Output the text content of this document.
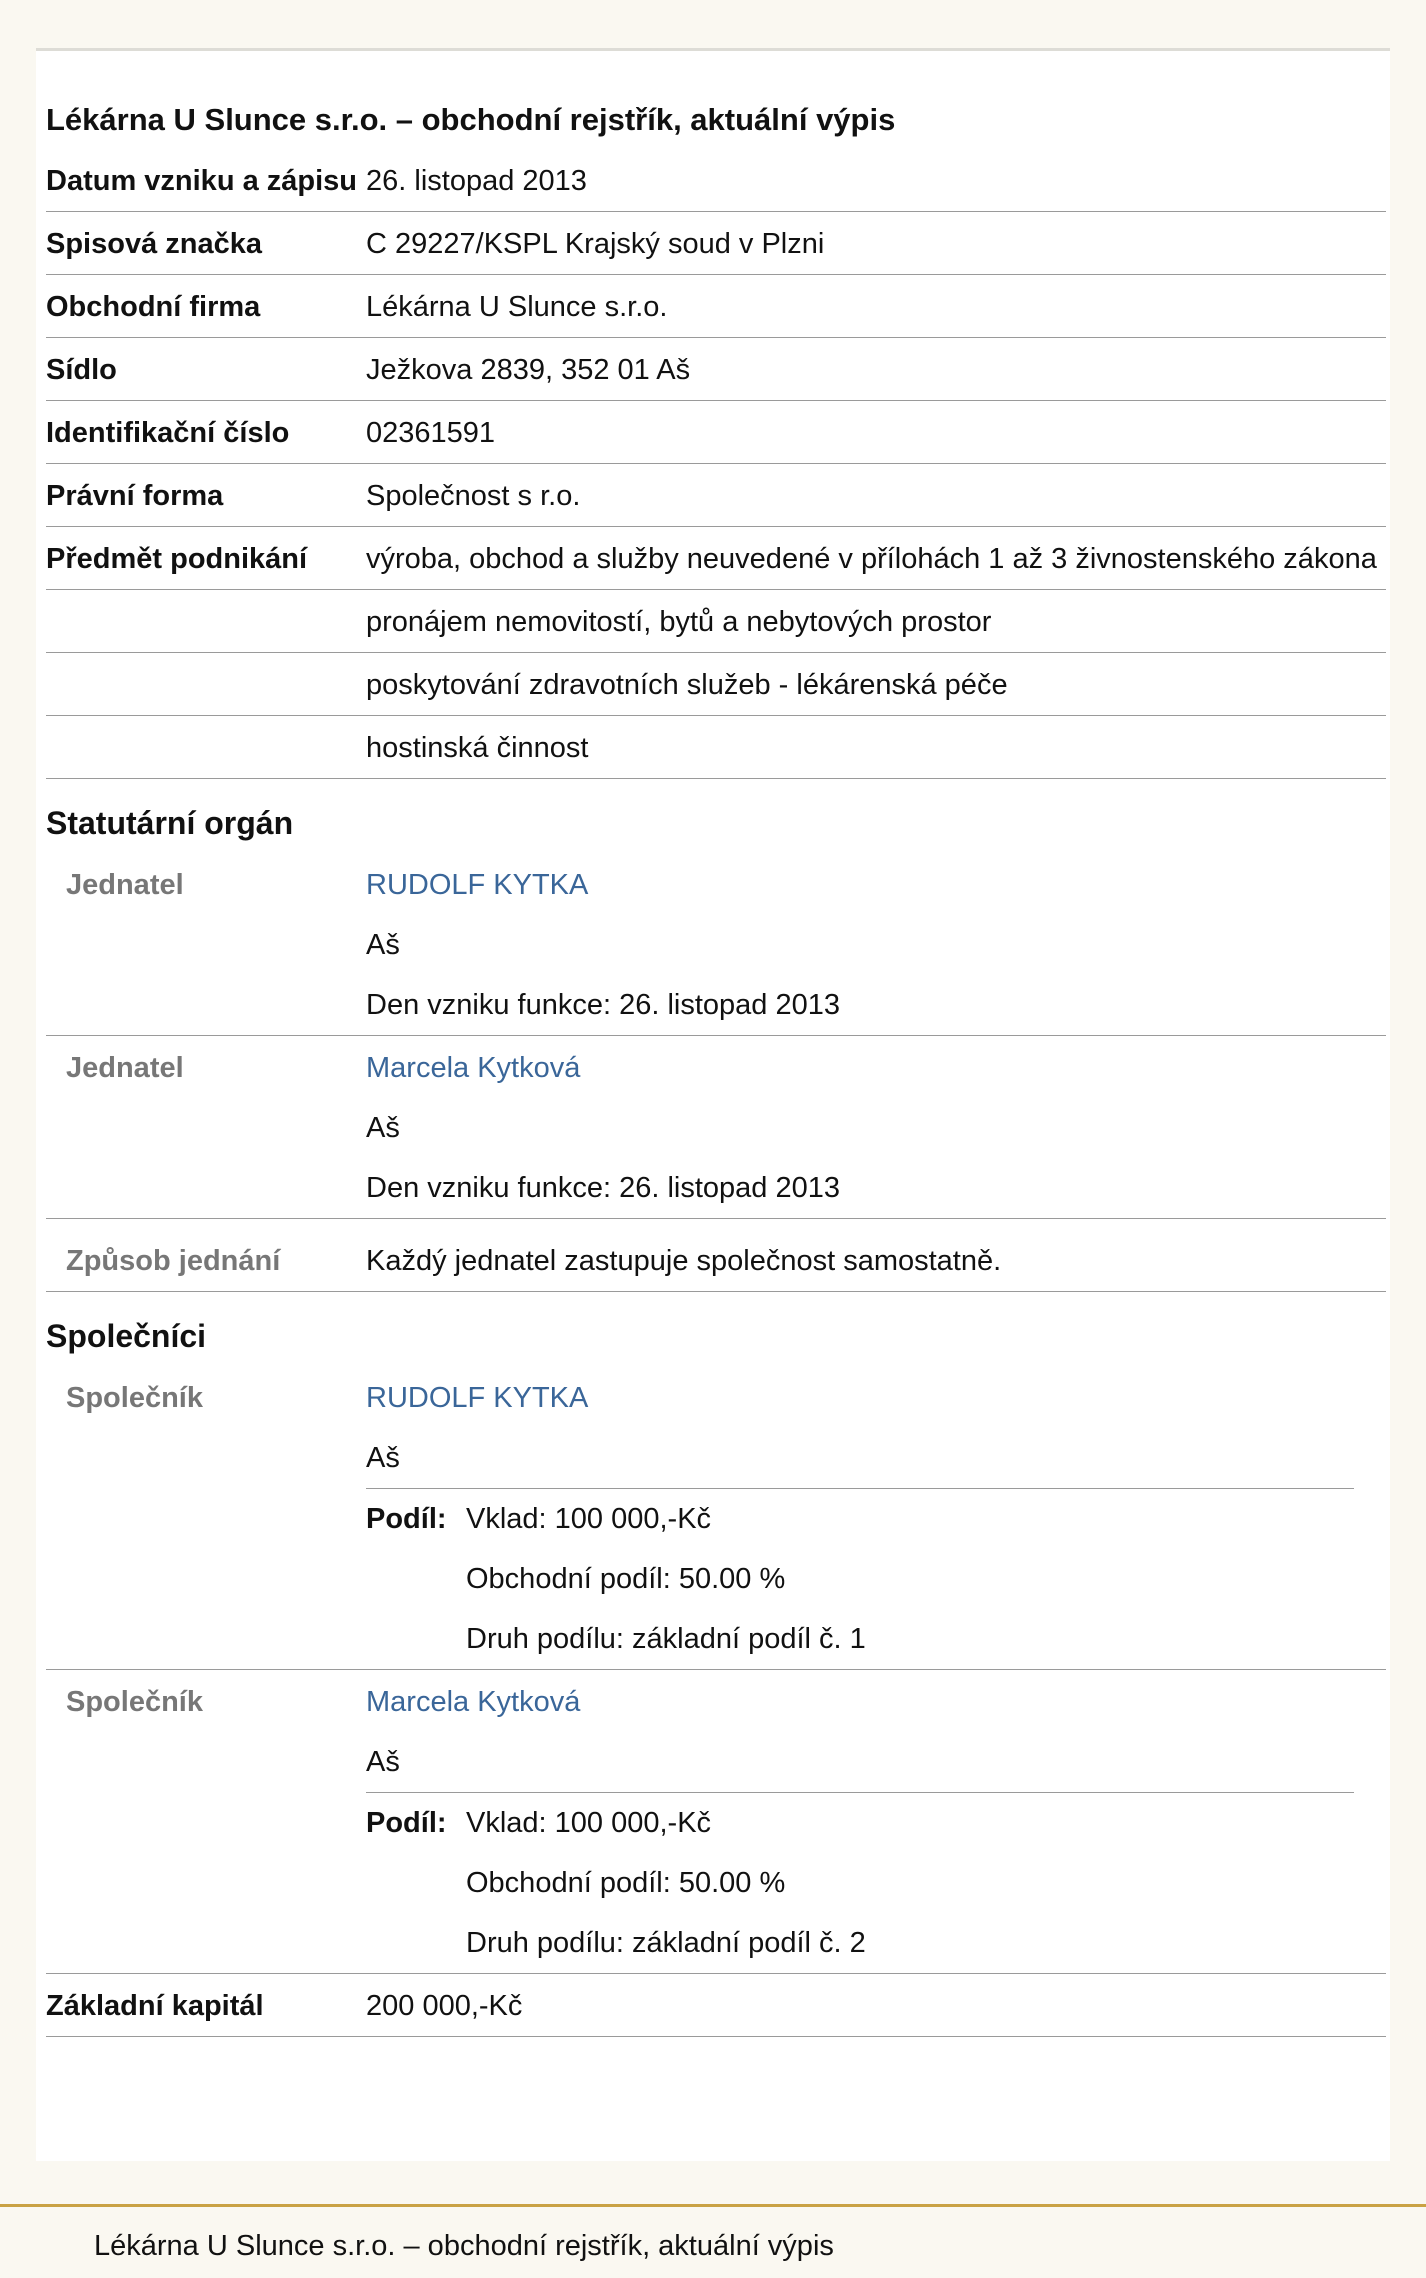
Lékárna U Slunce s.r.o. – obchodní rejstřík, aktuální výpis
Datum vzniku a zápisu 26. listopad 2013
Spisová značka	C 29227/KSPL Krajský soud v Plzni
Obchodní firma	Lékárna U Slunce s.r.o.
Sídlo	Ježkova 2839, 352 01 Aš
Identifikační číslo	02361591
Právní forma	Společnost s r.o.
Předmět podnikání	výroba, obchod a služby neuvedené v přílohách 1 až 3 živnostenského zákona
pronájem nemovitostí, bytů a nebytových prostor
poskytování zdravotních služeb - lékárenská péče
hostinská činnost
Statutární orgán
Jednatel	RUDOLF KYTKA
Aš
Den vzniku funkce: 26. listopad 2013
Jednatel	Marcela Kytková
Aš
Den vzniku funkce: 26. listopad 2013
Způsob jednání	Každý jednatel zastupuje společnost samostatně.
Společníci
Společník	RUDOLF KYTKA
Aš
Podíl: Vklad: 100 000,-Kč
Obchodní podíl: 50.00 %
Druh podílu: základní podíl č. 1
Společník	Marcela Kytková
Aš
Podíl: Vklad: 100 000,-Kč
Obchodní podíl: 50.00 %
Druh podílu: základní podíl č. 2
Základní kapitál	200 000,-Kč
Lékárna U Slunce s.r.o. – obchodní rejstřík, aktuální výpis
